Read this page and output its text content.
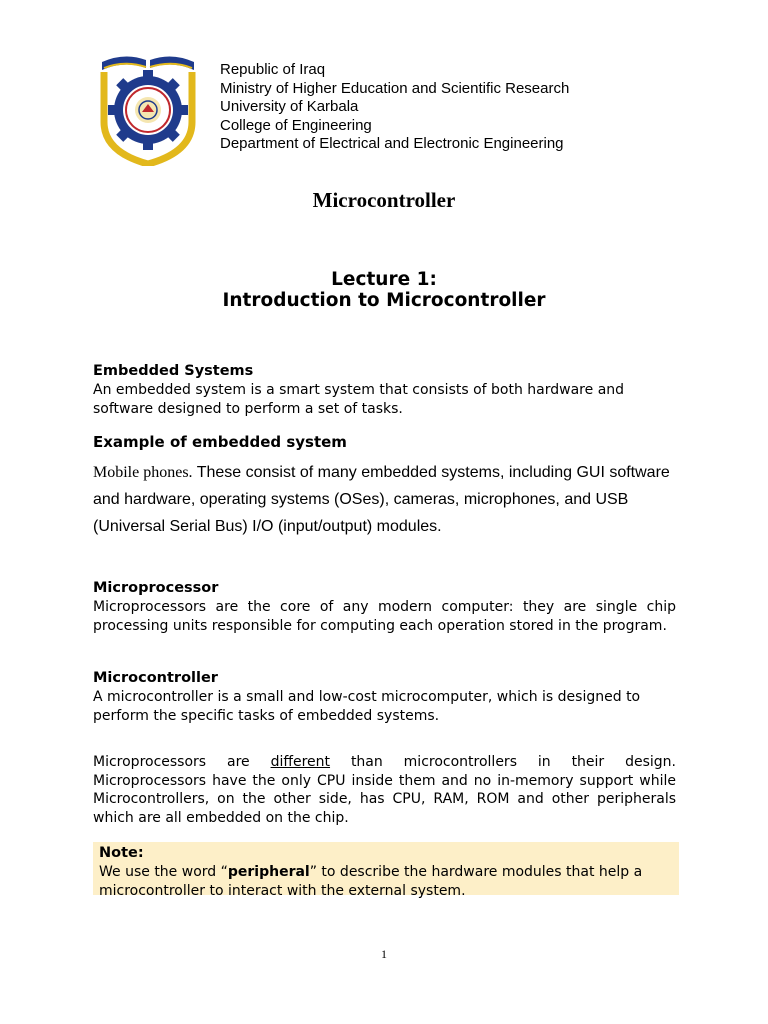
Republic of Iraq
Ministry of Higher Education and Scientific Research
University of Karbala
College of Engineering
Department of Electrical and Electronic Engineering
Microcontroller
Lecture 1:
Introduction to Microcontroller
Embedded Systems
An embedded system is a smart system that consists of both hardware and software designed to perform a set of tasks.
Example of embedded system
Mobile phones. These consist of many embedded systems, including GUI software and hardware, operating systems (OSes), cameras, microphones, and USB (Universal Serial Bus) I/O (input/output) modules.
Microprocessor
Microprocessors are the core of any modern computer: they are single chip processing units responsible for computing each operation stored in the program.
Microcontroller
A microcontroller is a small and low-cost microcomputer, which is designed to perform the specific tasks of embedded systems.
Microprocessors are different than microcontrollers in their design. Microprocessors have the only CPU inside them and no in-memory support while Microcontrollers, on the other side, has CPU, RAM, ROM and other peripherals which are all embedded on the chip.
Note:
We use the word “peripheral” to describe the hardware modules that help a microcontroller to interact with the external system.
1
